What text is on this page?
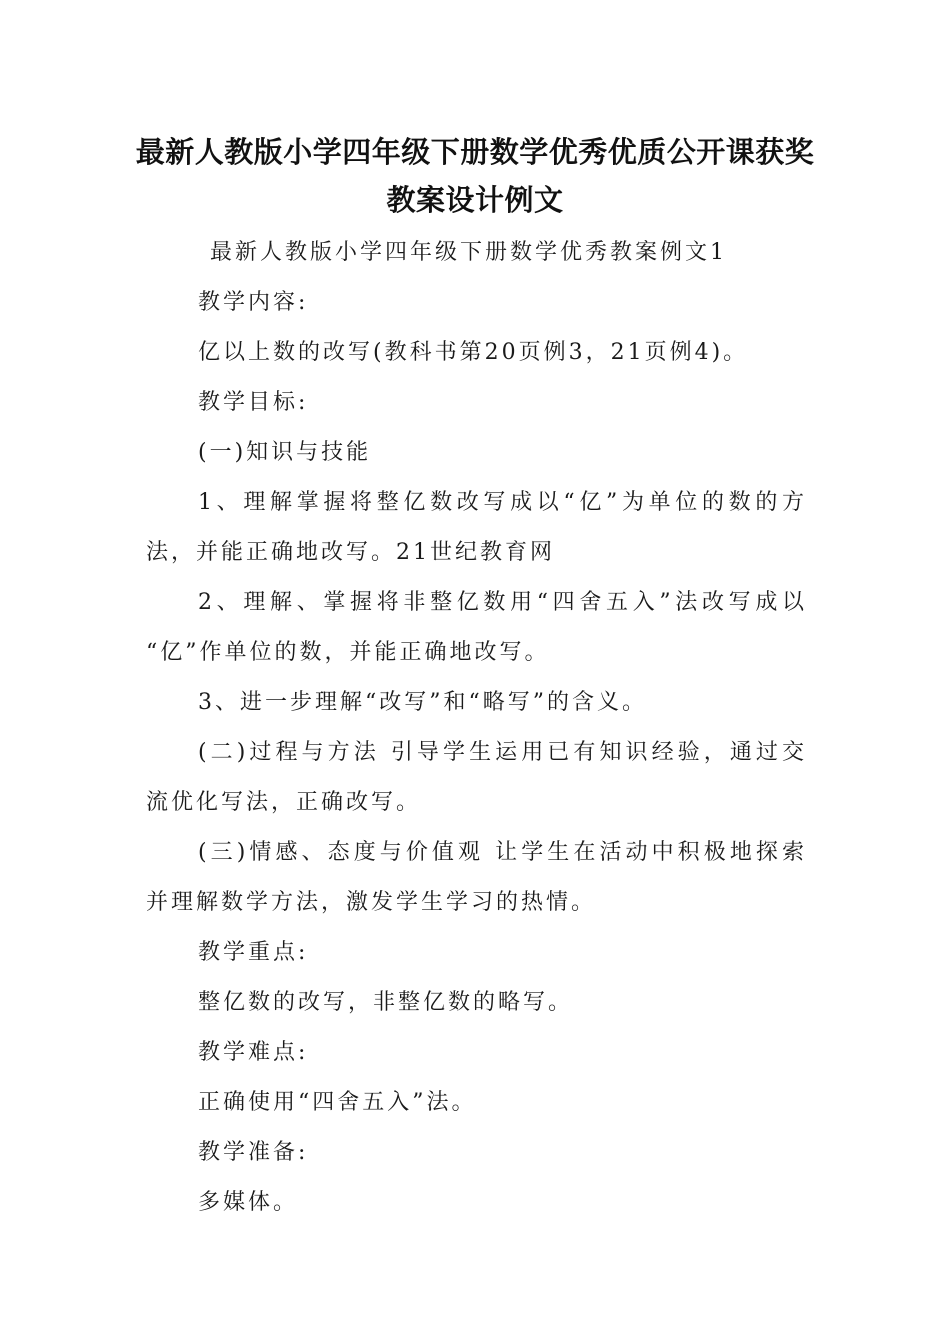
最新人教版小学四年级下册数学优秀优质公开课获奖
教案设计例文
最新人教版小学四年级下册数学优秀教案例文1
教学内容:
亿以上数的改写(教科书第20页例3，21页例4)。
教学目标:
(一)知识与技能
1、理解掌握将整亿数改写成以“亿”为单位的数的方
法，并能正确地改写。21世纪教育网
2、理解、掌握将非整亿数用“四舍五入”法改写成以
“亿”作单位的数，并能正确地改写。
3、进一步理解“改写”和“略写”的含义。
(二)过程与方法 引导学生运用已有知识经验，通过交
流优化写法，正确改写。
(三)情感、态度与价值观 让学生在活动中积极地探索
并理解数学方法，激发学生学习的热情。
教学重点:
整亿数的改写，非整亿数的略写。
教学难点:
正确使用“四舍五入”法。
教学准备:
多媒体。
